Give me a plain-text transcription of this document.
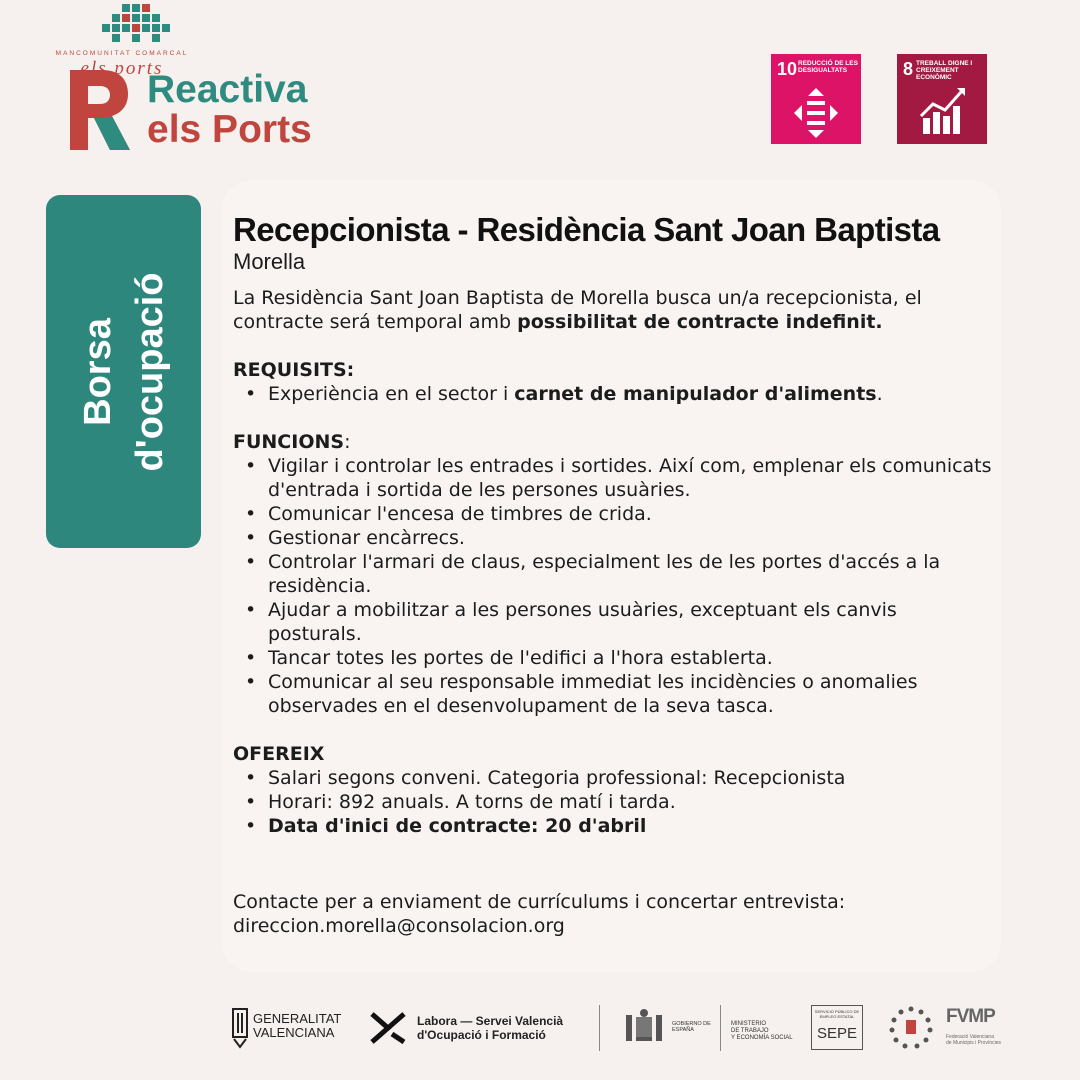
Reactiva
els Ports
10 REDUCCIÓ DE LES DESIGUALTATS	8 TREBALL DIGNE I CREIXEMENT ECONÒMIC
Borsa d'ocupació
Recepcionista - Residència Sant Joan Baptista
Morella

La Residència Sant Joan Baptista de Morella busca un/a recepcionista, el contracte será temporal amb possibilitat de contracte indefinit.

REQUISITS:
• Experiència en el sector i carnet de manipulador d'aliments.
FUNCIONS:
• Vigilar i controlar les entrades i sortides. Així com, emplenar els comunicats d'entrada i sortida de les persones usuàries.
• Comunicar l'encesa de timbres de crida.
• Gestionar encàrrecs.
• Controlar l'armari de claus, especialment les de les portes d'accés a la residència.
• Ajudar a mobilitzar a les persones usuàries, exceptuant els canvis posturals.
• Tancar totes les portes de l'edifici a l'hora establerta.
• Comunicar al seu responsable immediat les incidències o anomalies observades en el desenvolupament de la seva tasca.
OFEREIX
• Salari segons conveni. Categoria professional: Recepcionista
• Horari: 892 anuals. A torns de matí i tarda.
• Data d'inici de contracte: 20 d'abril
Contacte per a enviament de currículums i concertar entrevista:
direccion.morella@consolacion.org
MANCOMUNITAT COMARCAL
els ports
GENERALITAT
VALENCIANA
Labora — Servei Valencià
d'Ocupació i Formació
GOBIERNO DE ESPAÑA
MINISTERIO
DE TRABAJO
Y ECONOMÍA SOCIAL
SERVICIO PÚBLICO DE EMPLEO ESTATAL
SEPE
FVMP
Federació Valenciana
de Municipis i Províncies
